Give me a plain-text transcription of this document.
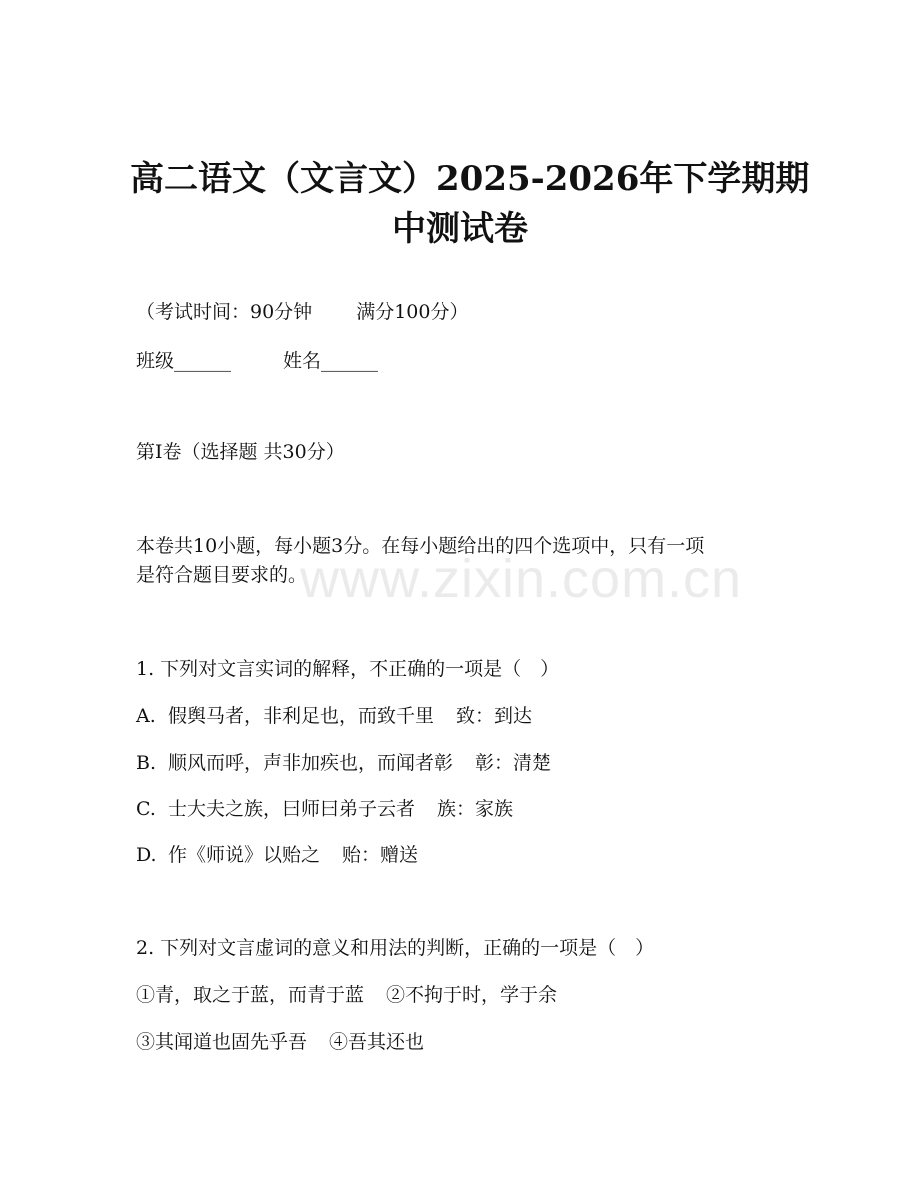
www.zixin.com.cn
高二语文（文言文）2025-2026年下学期期
中测试卷
（考试时间：90分钟 满分100分）
班级______	姓名______
第I卷（选择题 共30分）
本卷共10小题，每小题3分。在每小题给出的四个选项中，只有一项
是符合题目要求的。
1. 下列对文言实词的解释，不正确的一项是（　）
A. 假舆马者，非利足也，而致千里 致：到达
B. 顺风而呼，声非加疾也，而闻者彰 彰：清楚
C. 士大夫之族，曰师曰弟子云者 族：家族
D. 作《师说》以贻之 贻：赠送
2. 下列对文言虚词的意义和用法的判断，正确的一项是（　）
①青，取之于蓝，而青于蓝 ②不拘于时，学于余
③其闻道也固先乎吾 ④吾其还也
